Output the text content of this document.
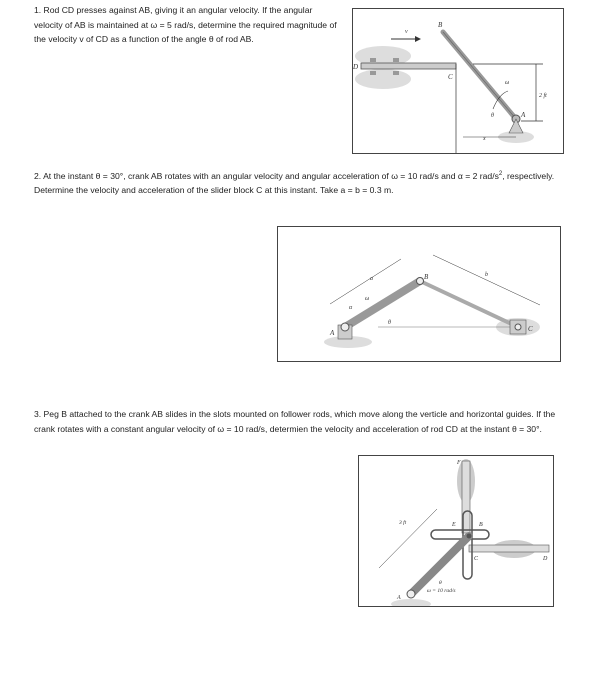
1. Rod CD presses against AB, giving it an angular velocity. If the angular velocity of AB is maintained at ω = 5 rad/s, determine the required magnitude of the velocity v of CD as a function of the angle θ of rod AB.

B
D
C
A
v
ω
θ
2 ft
x

2. At the instant θ = 30°, crank AB rotates with an angular velocity and angular acceleration of ω = 10 rad/s and α = 2 rad/$s^2$, respectively. Determine the velocity and acceleration of the slider block C at this instant. Take a = b = 0.3 m.

A
B
C
a
b
ω
α
θ

3. Peg B attached to the crank AB slides in the slots mounted on follower rods, which move along the verticle and horizontal guides. If the crank rotates with a constant angular velocity of ω = 10 rad/s, determien the velocity and acceleration of rod CD at the instant θ = 30°.

A
B
C	D
E
F
3 ft
ω = 10 rad/s
θ
